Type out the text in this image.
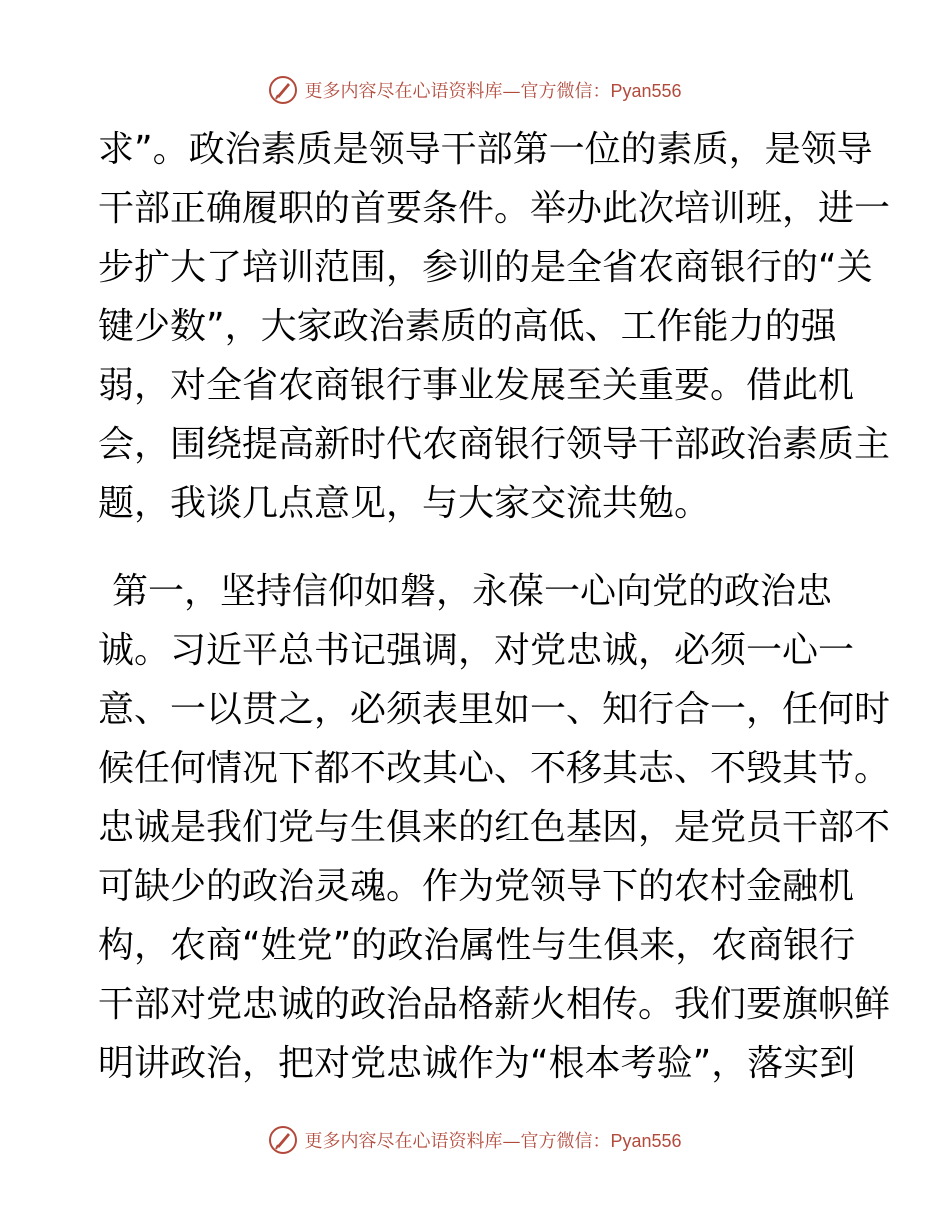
更多内容尽在心语资料库—官方微信：Pyan556
求”。政治素质是领导干部第一位的素质，是领导
干部正确履职的首要条件。举办此次培训班，进一
步扩大了培训范围，参训的是全省农商银行的“关
键少数”，大家政治素质的高低、工作能力的强
弱，对全省农商银行事业发展至关重要。借此机
会，围绕提高新时代农商银行领导干部政治素质主
题，我谈几点意见，与大家交流共勉。
第一，坚持信仰如磐，永葆一心向党的政治忠
诚。习近平总书记强调，对党忠诚，必须一心一
意、一以贯之，必须表里如一、知行合一，任何时
候任何情况下都不改其心、不移其志、不毁其节。
忠诚是我们党与生俱来的红色基因，是党员干部不
可缺少的政治灵魂。作为党领导下的农村金融机
构，农商“姓党”的政治属性与生俱来，农商银行
干部对党忠诚的政治品格薪火相传。我们要旗帜鲜
明讲政治，把对党忠诚作为“根本考验”，落实到
更多内容尽在心语资料库—官方微信：Pyan556
